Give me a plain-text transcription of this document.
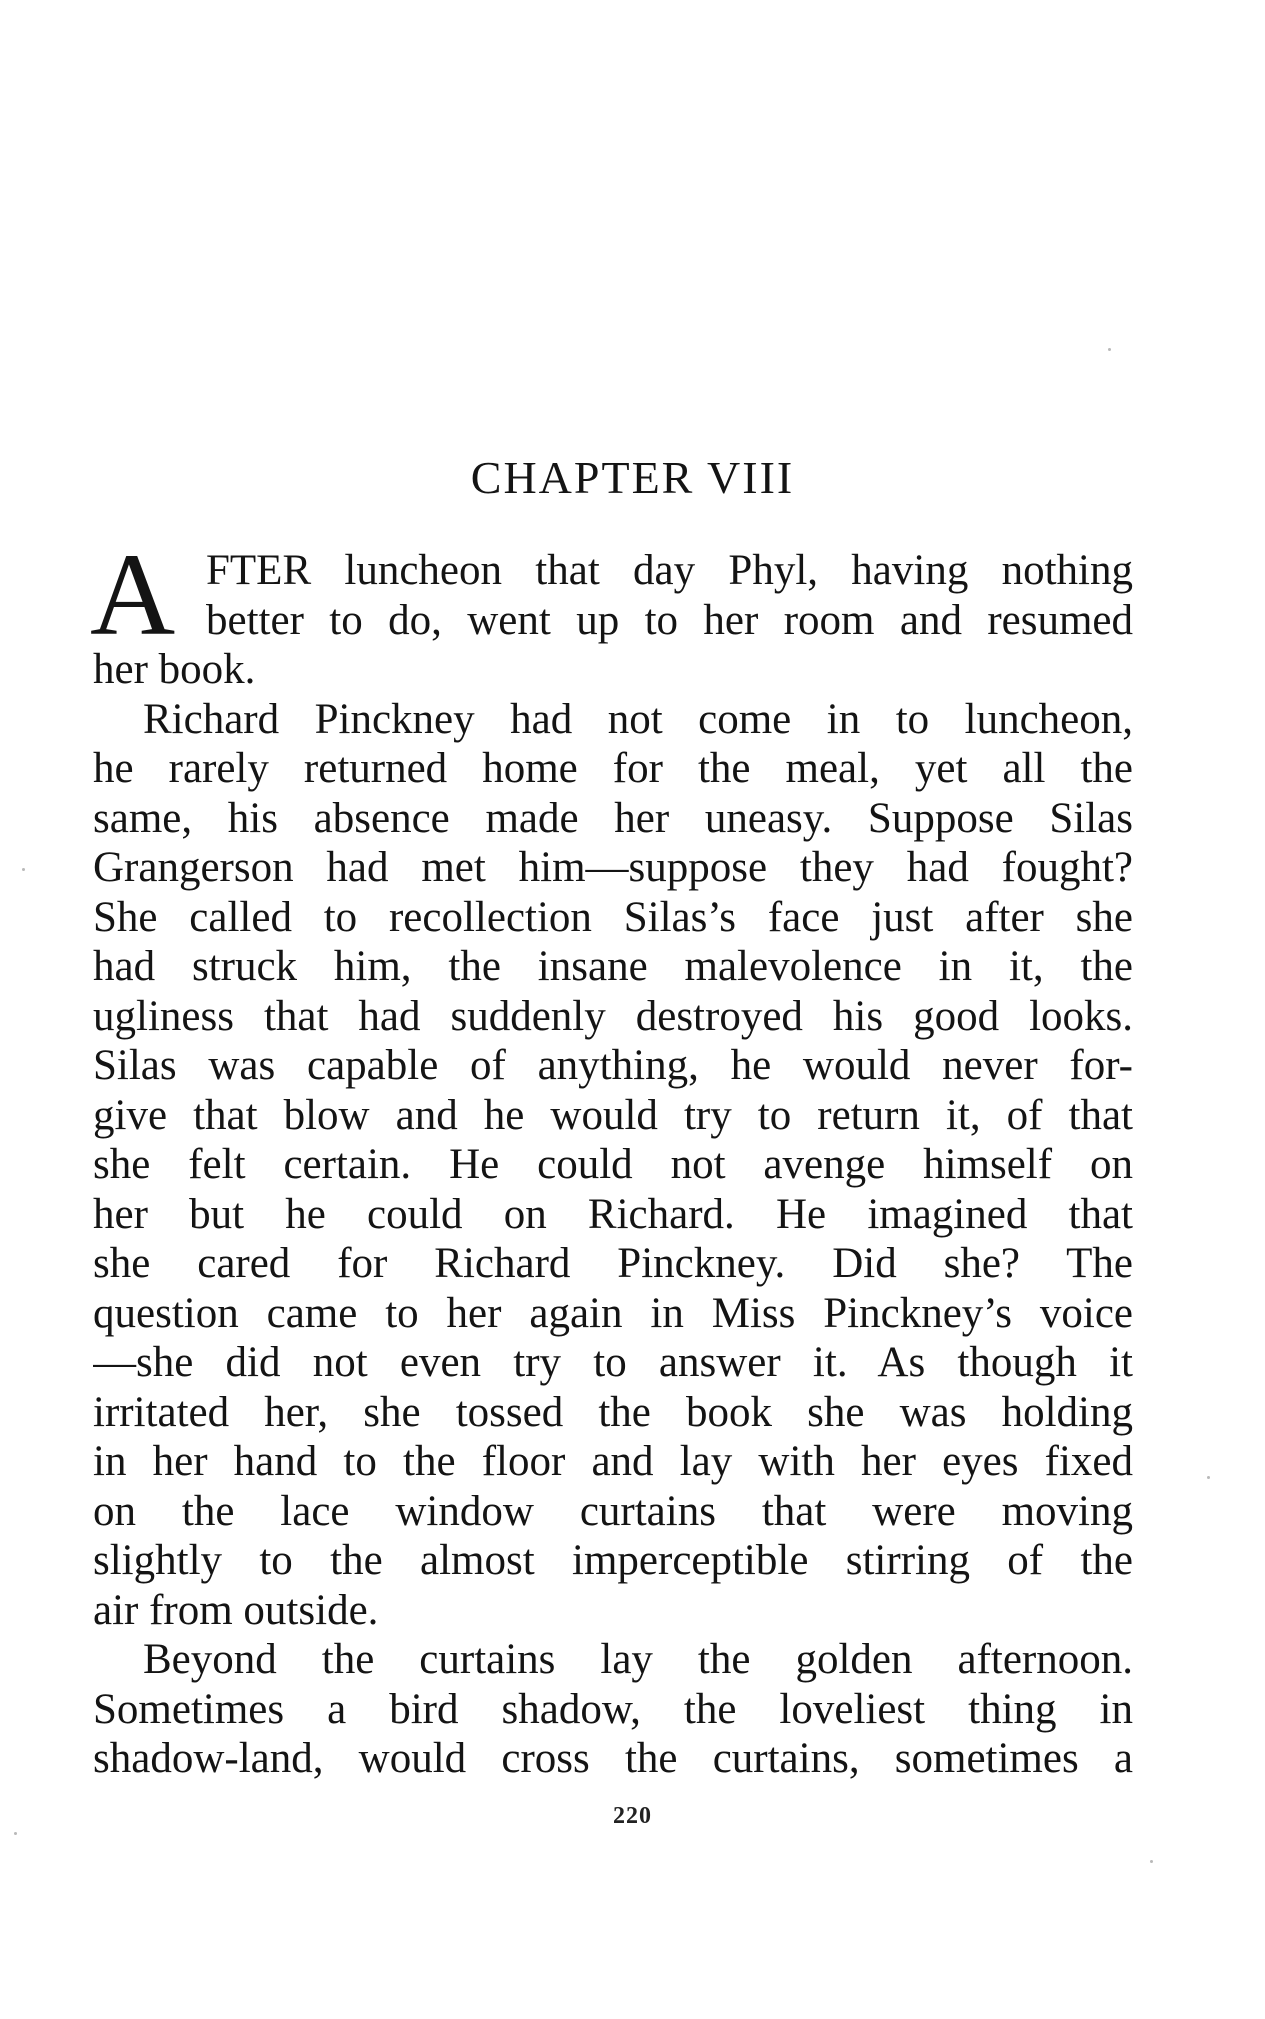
CHAPTER VIII
A FTER luncheon that day Phyl, having nothing
better to do, went up to her room and resumed
her book.
Richard Pinckney had not come in to luncheon,
he rarely returned home for the meal, yet all the
same, his absence made her uneasy. Suppose Silas
Grangerson had met him—suppose they had fought?
She called to recollection Silas’s face just after she
had struck him, the insane malevolence in it, the
ugliness that had suddenly destroyed his good looks.
Silas was capable of anything, he would never for-
give that blow and he would try to return it, of that
she felt certain. He could not avenge himself on
her but he could on Richard. He imagined that
she cared for Richard Pinckney. Did she? The
question came to her again in Miss Pinckney’s voice
—she did not even try to answer it. As though it
irritated her, she tossed the book she was holding
in her hand to the floor and lay with her eyes fixed
on the lace window curtains that were moving
slightly to the almost imperceptible stirring of the
air from outside.
Beyond the curtains lay the golden afternoon.
Sometimes a bird shadow, the loveliest thing in
shadow-land, would cross the curtains, sometimes a
220
